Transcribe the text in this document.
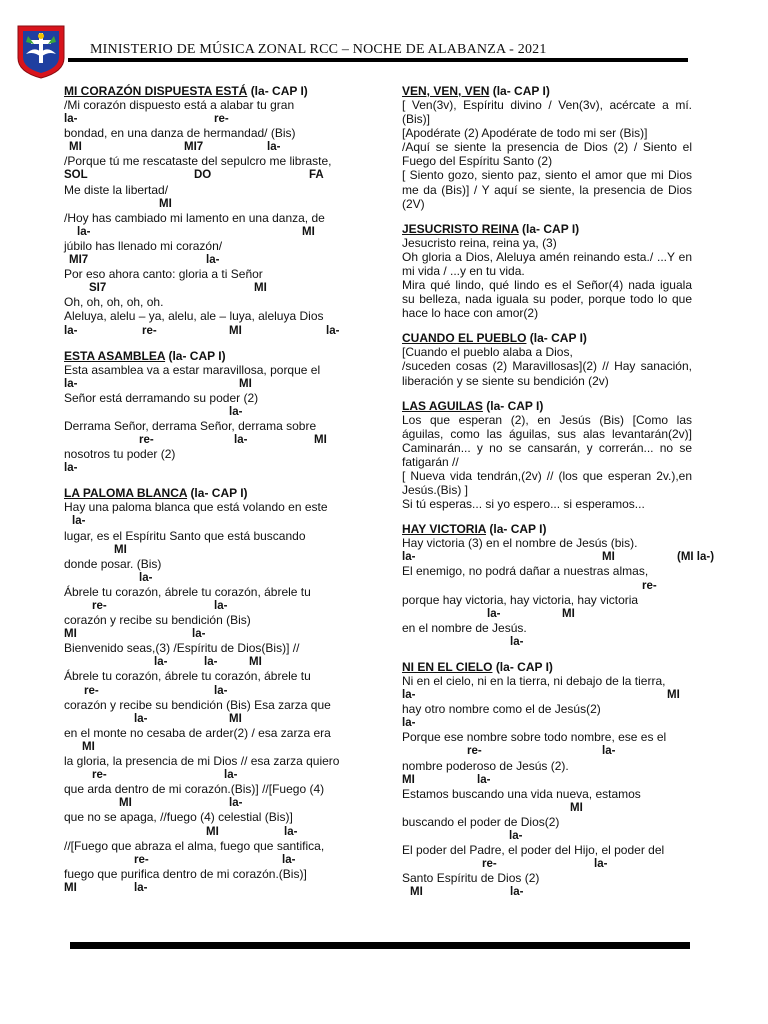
MINISTERIO DE MÚSICA ZONAL RCC – NOCHE DE ALABANZA - 2021
MI CORAZÓN DISPUESTA ESTÁ (la- CAP I)
/Mi corazón dispuesto está a alabar tu gran
la-	re-
bondad, en una danza de hermandad/ (Bis)
MI	MI7	la-
/Porque tú me rescataste del sepulcro me libraste,
SOL	DO	FA
Me diste la libertad/
MI
/Hoy has cambiado mi lamento en una danza, de
la-	MI
júbilo has llenado mi corazón/
MI7	la-
Por eso ahora canto: gloria a ti Señor
SI7	MI
Oh, oh, oh, oh, oh.
Aleluya, alelu – ya, alelu, ale – luya, aleluya Dios
la-	re-	MI	la-
ESTA ASAMBLEA (la- CAP I)
Esta asamblea va a estar maravillosa, porque el
la-	MI
Señor está derramando su poder (2)
la-
Derrama Señor, derrama Señor, derrama sobre
re-	la-	MI
nosotros tu poder (2)
la-
LA PALOMA BLANCA (la- CAP I)
Hay una paloma blanca que está volando en este
la-
lugar, es el Espíritu Santo que está buscando
MI
donde posar. (Bis)
la-
Ábrele tu corazón, ábrele tu corazón, ábrele tu
re-	la-
corazón y recibe su bendición (Bis)
MI	la-
Bienvenido seas,(3) /Espíritu de Dios(Bis)] //
la-	MI
la-
Ábrele tu corazón, ábrele tu corazón, ábrele tu
re-	la-
corazón y recibe su bendición (Bis) Esa zarza que
MI
la-
en el monte no cesaba de arder(2) / esa zarza era
MI
la gloria, la presencia de mi Dios // esa zarza quiero
re-	la-
que arda dentro de mi corazón.(Bis)] //[Fuego (4)
MI	la-
que no se apaga, //fuego (4) celestial (Bis)]
MI	la-
//[Fuego que abraza el alma, fuego que santifica,
re-	la-
fuego que purifica dentro de mi corazón.(Bis)]
MI	la-
VEN, VEN, VEN (la- CAP I)
[ Ven(3v), Espíritu divino / Ven(3v), acércate a mí. (Bis)]
[Apodérate (2) Apodérate de todo mi ser (Bis)]
/Aquí se siente la presencia de Dios (2) / Siento el Fuego del Espíritu Santo (2)
[ Siento gozo, siento paz, siento el amor que mi Dios me da (Bis)] / Y aquí se siente, la presencia de Dios (2V)
JESUCRISTO REINA (la- CAP I)
Jesucristo reina, reina ya, (3)
Oh gloria a Dios, Aleluya amén reinando esta./ ...Y en mi vida / ...y en tu vida.
Mira qué lindo, qué lindo es el Señor(4) nada iguala su belleza, nada iguala su poder, porque todo lo que hace lo hace con amor(2)
CUANDO EL PUEBLO (la- CAP I)
[Cuando el pueblo alaba a Dios,
/suceden cosas (2) Maravillosas](2) // Hay sanación, liberación y se siente su bendición (2v)
LAS AGUILAS (la- CAP I)
Los que esperan (2), en Jesús (Bis) [Como las águilas, como las águilas, sus alas levantarán(2v)] Caminarán... y no se cansarán, y correrán... no se fatigarán //
[ Nueva vida tendrán,(2v) // (los que esperan 2v.),en Jesús.(Bis) ]
Si tú esperas... si yo espero... si esperamos...
HAY VICTORIA (la- CAP I)
Hay victoria (3) en el nombre de Jesús (bis).
la-	MI	(MI la-)
El enemigo, no podrá dañar a nuestras almas,
re-
porque hay victoria, hay victoria, hay victoria
la-	MI
en el nombre de Jesús.
la-
NI EN EL CIELO (la- CAP I)
Ni en el cielo, ni en la tierra, ni debajo de la tierra,
la-	MI
hay otro nombre como el de Jesús(2)
la-
Porque ese nombre sobre todo nombre, ese es el
re-	la-
nombre poderoso de Jesús (2).
MI	la-
Estamos buscando una vida nueva, estamos
MI
buscando el poder de Dios(2)
la-
El poder del Padre, el poder del Hijo, el poder del
re-	la-
Santo Espíritu de Dios (2)
MI	la-
